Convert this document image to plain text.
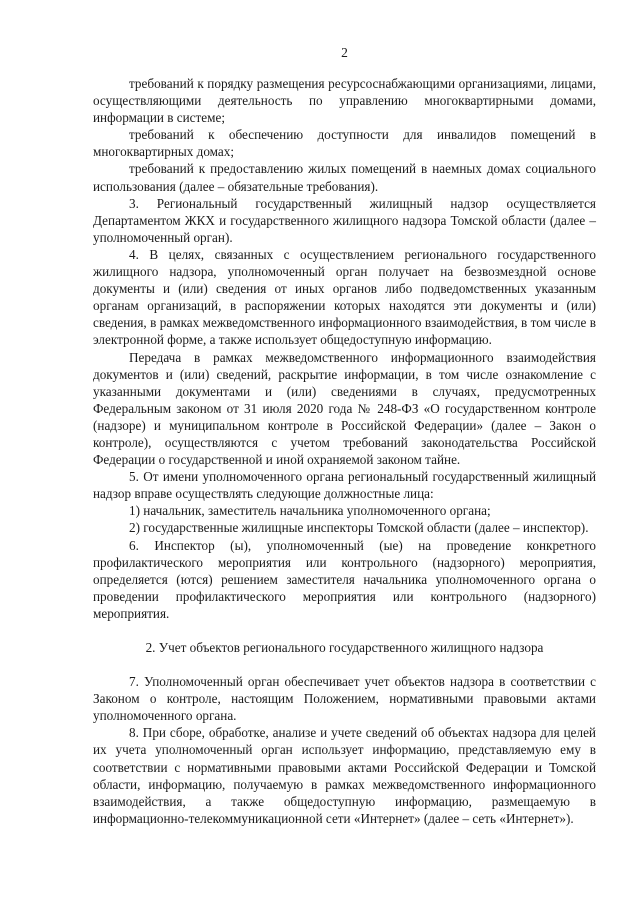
2

требований к порядку размещения ресурсоснабжающими организациями, лицами, осуществляющими деятельность по управлению многоквартирными домами, информации в системе;

требований к обеспечению доступности для инвалидов помещений в многоквартирных домах;

требований к предоставлению жилых помещений в наемных домах социального использования (далее – обязательные требования).

3. Региональный государственный жилищный надзор осуществляется Департаментом ЖКХ и государственного жилищного надзора Томской области (далее – уполномоченный орган).

4. В целях, связанных с осуществлением регионального государственного жилищного надзора, уполномоченный орган получает на безвозмездной основе документы и (или) сведения от иных органов либо подведомственных указанным органам организаций, в распоряжении которых находятся эти документы и (или) сведения, в рамках межведомственного информационного взаимодействия, в том числе в электронной форме, а также использует общедоступную информацию.

Передача в рамках межведомственного информационного взаимодействия документов и (или) сведений, раскрытие информации, в том числе ознакомление с указанными документами и (или) сведениями в случаях, предусмотренных Федеральным законом от 31 июля 2020 года № 248-ФЗ «О государственном контроле (надзоре) и муниципальном контроле в Российской Федерации» (далее – Закон о контроле), осуществляются с учетом требований законодательства Российской Федерации о государственной и иной охраняемой законом тайне.

5. От имени уполномоченного органа региональный государственный жилищный надзор вправе осуществлять следующие должностные лица:

1) начальник, заместитель начальника уполномоченного органа;

2) государственные жилищные инспекторы Томской области (далее – инспектор).

6. Инспектор (ы), уполномоченный (ые) на проведение конкретного профилактического мероприятия или контрольного (надзорного) мероприятия, определяется (ются) решением заместителя начальника уполномоченного органа о проведении профилактического мероприятия или контрольного (надзорного) мероприятия.

2. Учет объектов регионального государственного жилищного надзора

7. Уполномоченный орган обеспечивает учет объектов надзора в соответствии с Законом о контроле, настоящим Положением, нормативными правовыми актами уполномоченного органа.

8. При сборе, обработке, анализе и учете сведений об объектах надзора для целей их учета уполномоченный орган использует информацию, представляемую ему в соответствии с нормативными правовыми актами Российской Федерации и Томской области, информацию, получаемую в рамках межведомственного информационного взаимодействия, а также общедоступную информацию, размещаемую в информационно-телекоммуникационной сети «Интернет» (далее – сеть «Интернет»).
